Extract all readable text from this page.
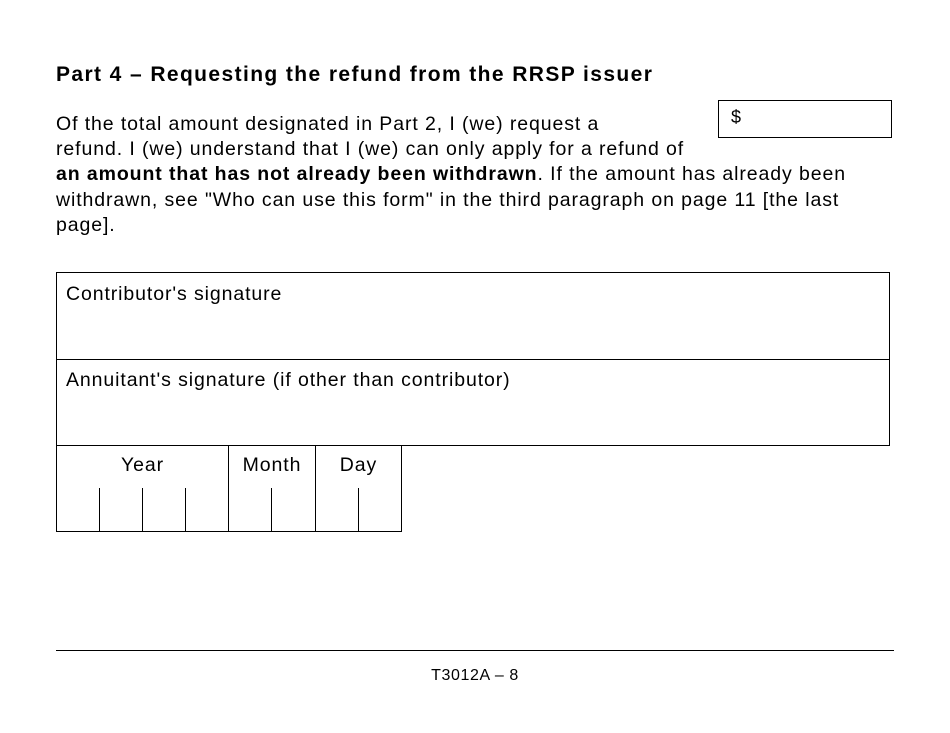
Part 4 – Requesting the refund from the RRSP issuer
$

Of the total amount designated in Part 2, I (we) request a
refund. I (we) understand that I (we) can only apply for a refund of
an amount that has not already been withdrawn. If the amount has already been withdrawn, see "Who can use this form" in the third paragraph on page 11 [the last page].

Contributor's signature
Annuitant's signature (if other than contributor)
Year	Month	Day
T3012A – 8
